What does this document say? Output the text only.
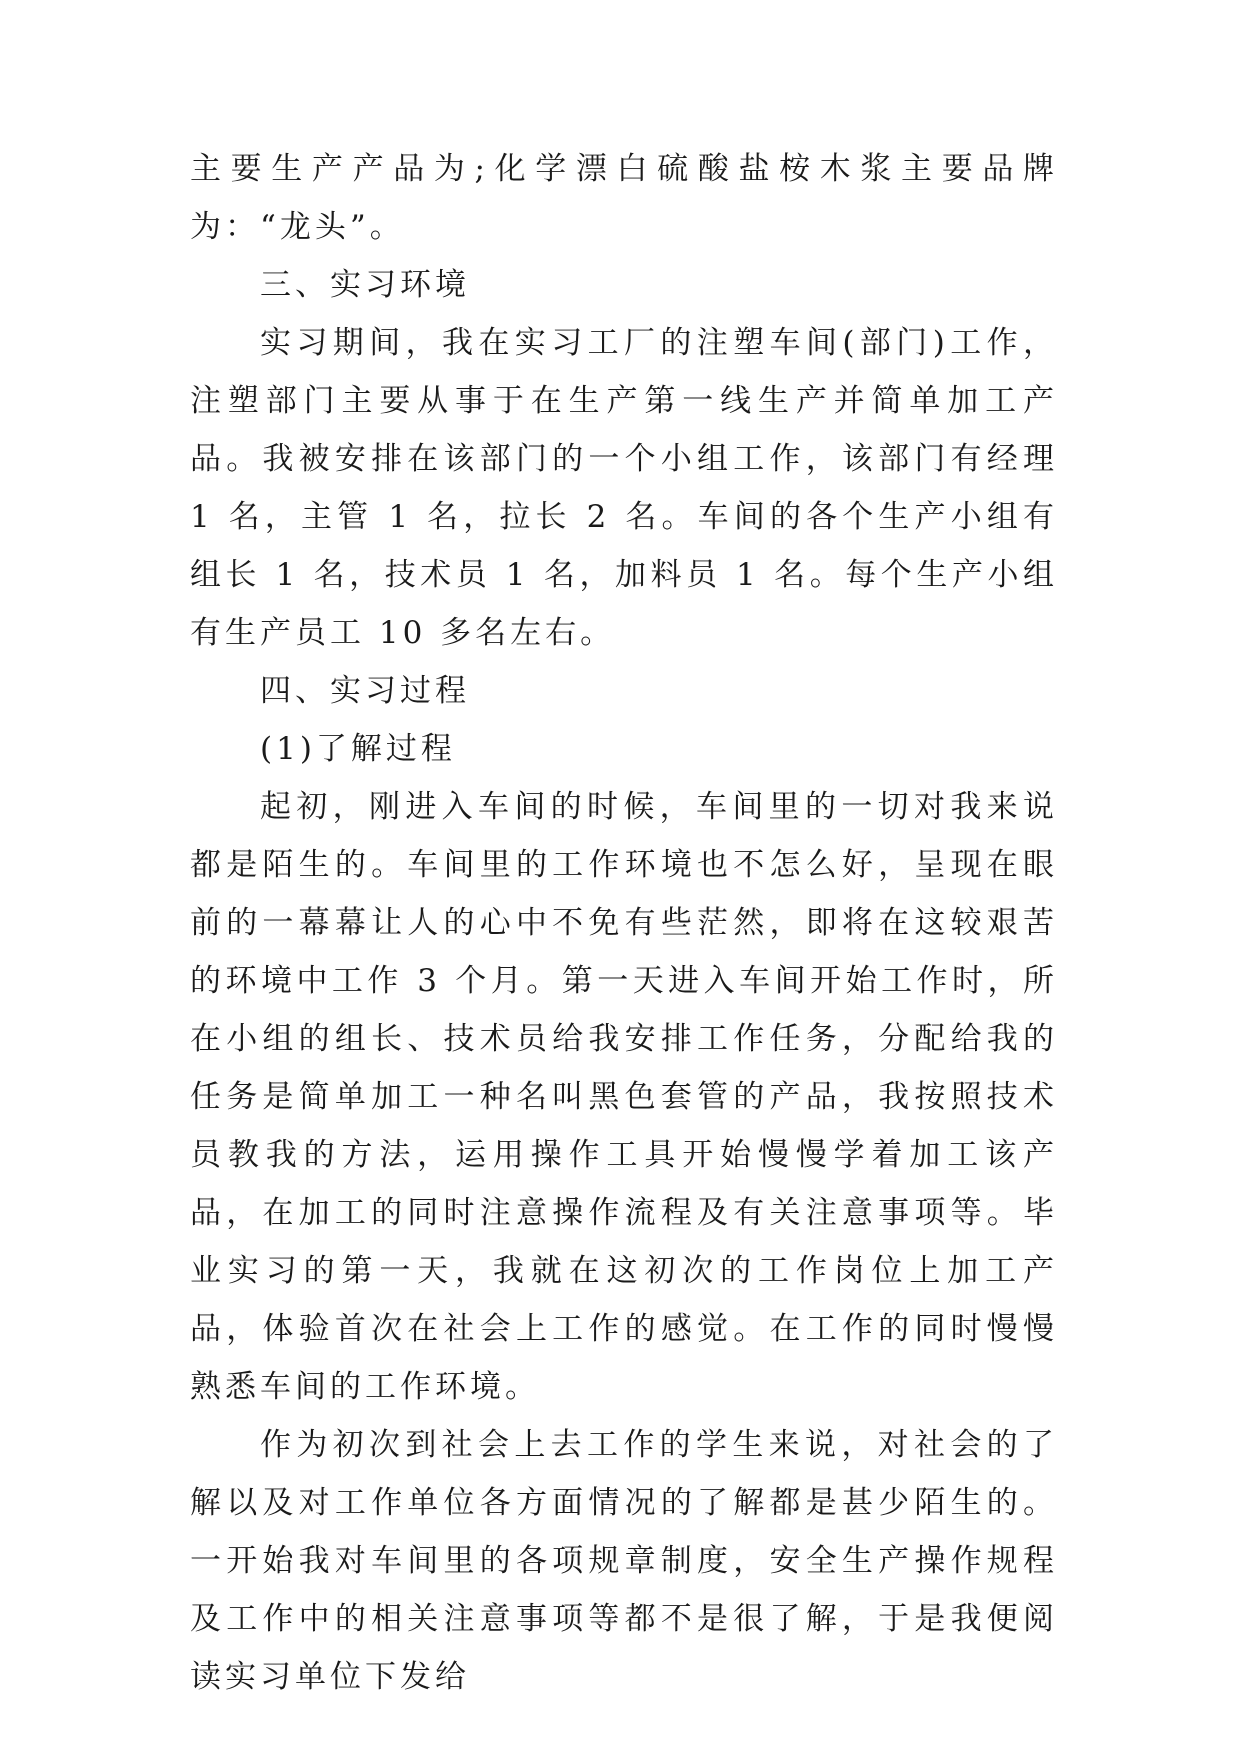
主要生产产品为;化学漂白硫酸盐桉木浆主要品牌为：“龙头”。

三、实习环境

实习期间，我在实习工厂的注塑车间(部门)工作，注塑部门主要从事于在生产第一线生产并简单加工产品。我被安排在该部门的一个小组工作，该部门有经理 1 名，主管 1 名，拉长 2 名。车间的各个生产小组有组长 1 名，技术员 1 名，加料员 1 名。每个生产小组有生产员工 10 多名左右。

四、实习过程

(1)了解过程

起初，刚进入车间的时候，车间里的一切对我来说都是陌生的。车间里的工作环境也不怎么好，呈现在眼前的一幕幕让人的心中不免有些茫然，即将在这较艰苦的环境中工作 3 个月。第一天进入车间开始工作时，所在小组的组长、技术员给我安排工作任务，分配给我的任务是简单加工一种名叫黑色套管的产品，我按照技术员教我的方法，运用操作工具开始慢慢学着加工该产品，在加工的同时注意操作流程及有关注意事项等。毕业实习的第一天，我就在这初次的工作岗位上加工产品，体验首次在社会上工作的感觉。在工作的同时慢慢熟悉车间的工作环境。

作为初次到社会上去工作的学生来说，对社会的了解以及对工作单位各方面情况的了解都是甚少陌生的。一开始我对车间里的各项规章制度，安全生产操作规程及工作中的相关注意事项等都不是很了解，于是我便阅读实习单位下发给
